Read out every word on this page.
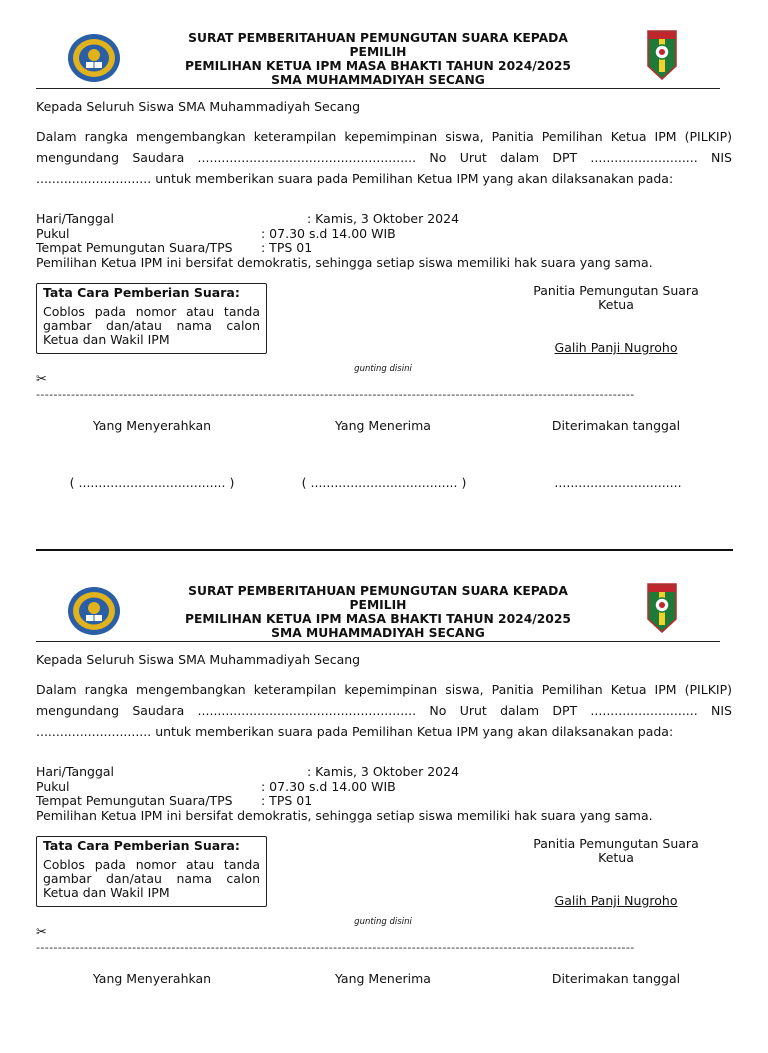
SURAT PEMBERITAHUAN PEMUNGUTAN SUARA KEPADA
PEMILIH
PEMILIHAN KETUA IPM MASA BHAKTI TAHUN 2024/2025
SMA MUHAMMADIYAH SECANG
Kepada Seluruh Siswa SMA Muhammadiyah Secang
Dalam rangka mengembangkan keterampilan kepemimpinan siswa, Panitia Pemilihan Ketua IPM (PILKIP) mengundang Saudara ....................................................... No Urut dalam DPT ........................... NIS ............................. untuk memberikan suara pada Pemilihan Ketua IPM yang akan dilaksanakan pada:
Hari/Tanggal	: Kamis, 3 Oktober 2024
Pukul	: 07.30 s.d 14.00 WIB
Tempat Pemungutan Suara/TPS : TPS 01
Pemilihan Ketua IPM ini bersifat demokratis, sehingga setiap siswa memiliki hak suara yang sama.
Tata Cara Pemberian Suara:
Coblos pada nomor atau tanda gambar dan/atau nama calon Ketua dan Wakil IPM
Panitia Pemungutan Suara
Ketua
Galih Panji Nugroho
gunting disini
✂
-----------------------------------------------------------------------------------------------------------------------------------------
Yang Menyerahkan	Yang Menerima	Diterimakan tanggal
( ..................................... )	( ..................................... )	................................
SURAT PEMBERITAHUAN PEMUNGUTAN SUARA KEPADA
PEMILIH
PEMILIHAN KETUA IPM MASA BHAKTI TAHUN 2024/2025
SMA MUHAMMADIYAH SECANG
Kepada Seluruh Siswa SMA Muhammadiyah Secang
Dalam rangka mengembangkan keterampilan kepemimpinan siswa, Panitia Pemilihan Ketua IPM (PILKIP) mengundang Saudara ....................................................... No Urut dalam DPT ........................... NIS ............................. untuk memberikan suara pada Pemilihan Ketua IPM yang akan dilaksanakan pada:
Hari/Tanggal	: Kamis, 3 Oktober 2024
Pukul	: 07.30 s.d 14.00 WIB
Tempat Pemungutan Suara/TPS : TPS 01
Pemilihan Ketua IPM ini bersifat demokratis, sehingga setiap siswa memiliki hak suara yang sama.
Tata Cara Pemberian Suara:
Coblos pada nomor atau tanda gambar dan/atau nama calon Ketua dan Wakil IPM
Panitia Pemungutan Suara
Ketua
Galih Panji Nugroho
gunting disini
✂
-----------------------------------------------------------------------------------------------------------------------------------------
Yang Menyerahkan	Yang Menerima	Diterimakan tanggal
